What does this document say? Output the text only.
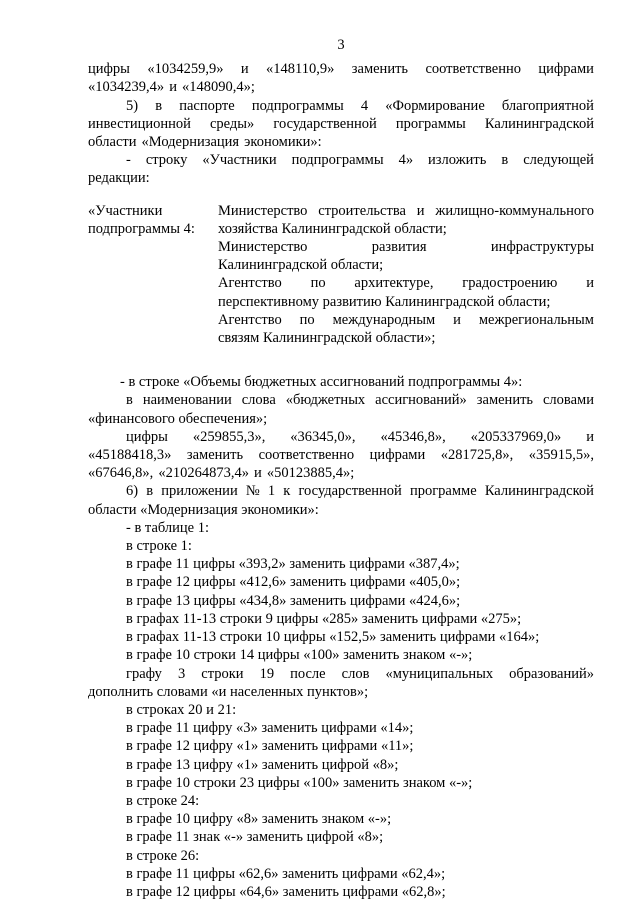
3
цифры «1034259,9» и «148110,9» заменить соответственно цифрами
«1034239,4» и «148090,4»;
5) в паспорте подпрограммы 4 «Формирование благоприятной
инвестиционной среды» государственной программы Калининградской
области «Модернизация экономики»:
- строку «Участники подпрограммы 4» изложить в следующей
редакции:
«Участники
подпрограммы 4:
Министерство строительства и жилищно-коммунального
хозяйства Калининградской области;
Министерство	развития	инфраструктуры
Калининградской области;
Агентство по архитектуре, градостроению и
перспективному развитию Калининградской области;
Агентство по международным и межрегиональным
связям Калининградской области»;
- в строке «Объемы бюджетных ассигнований подпрограммы 4»:
в наименовании слова «бюджетных ассигнований» заменить словами
«финансового обеспечения»;
цифры «259855,3», «36345,0», «45346,8», «205337969,0» и
«45188418,3» заменить соответственно цифрами «281725,8», «35915,5»,
«67646,8», «210264873,4» и «50123885,4»;
6) в приложении № 1 к государственной программе Калининградской
области «Модернизация экономики»:
- в таблице 1:
в строке 1:
в графе 11 цифры «393,2» заменить цифрами «387,4»;
в графе 12 цифры «412,6» заменить цифрами «405,0»;
в графе 13 цифры «434,8» заменить цифрами «424,6»;
в графах 11-13 строки 9 цифры «285» заменить цифрами «275»;
в графах 11-13 строки 10 цифры «152,5» заменить цифрами «164»;
в графе 10 строки 14 цифры «100» заменить знаком «-»;
графу 3 строки 19 после слов «муниципальных образований»
дополнить словами «и населенных пунктов»;
в строках 20 и 21:
в графе 11 цифру «3» заменить цифрами «14»;
в графе 12 цифру «1» заменить цифрами «11»;
в графе 13 цифру «1» заменить цифрой «8»;
в графе 10 строки 23 цифры «100» заменить знаком «-»;
в строке 24:
в графе 10 цифру «8» заменить знаком «-»;
в графе 11 знак «-» заменить цифрой «8»;
в строке 26:
в графе 11 цифры «62,6» заменить цифрами «62,4»;
в графе 12 цифры «64,6» заменить цифрами «62,8»;
